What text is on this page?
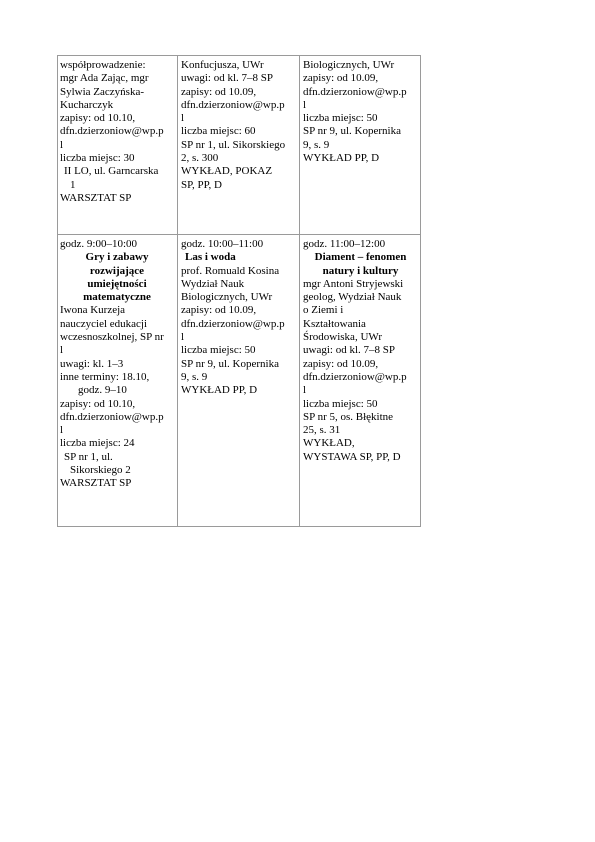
współprowadzenie:
mgr Ada Zając, mgr
Sylwia Zaczyńska-
Kucharczyk
zapisy: od 10.10,
dfn.dzierzoniow@wp.p
l
liczba miejsc: 30
II LO, ul. Garncarska
1
WARSZTAT SP
Konfucjusza, UWr
uwagi: od kl. 7–8 SP
zapisy: od 10.09,
dfn.dzierzoniow@wp.p
l
liczba miejsc: 60
SP nr 1, ul. Sikorskiego
2, s. 300
WYKŁAD, POKAZ
SP, PP, D
Biologicznych, UWr
zapisy: od 10.09,
dfn.dzierzoniow@wp.p
l
liczba miejsc: 50
SP nr 9, ul. Kopernika
9, s. 9
WYKŁAD PP, D
godz. 9:00–10:00
Gry i zabawy
rozwijające
umiejętności
matematyczne
Iwona Kurzeja
nauczyciel edukacji
wczesnoszkolnej, SP nr
l
uwagi: kl. 1–3
inne terminy: 18.10,
godz. 9–10
zapisy: od 10.10,
dfn.dzierzoniow@wp.p
l
liczba miejsc: 24
SP nr 1, ul.
Sikorskiego 2
WARSZTAT SP
godz. 10:00–11:00
Las i woda
prof. Romuald Kosina
Wydział Nauk
Biologicznych, UWr
zapisy: od 10.09,
dfn.dzierzoniow@wp.p
l
liczba miejsc: 50
SP nr 9, ul. Kopernika
9, s. 9
WYKŁAD PP, D
godz. 11:00–12:00
Diament – fenomen
natury i kultury
mgr Antoni Stryjewski
geolog, Wydział Nauk
o Ziemi i
Kształtowania
Środowiska, UWr
uwagi: od kl. 7–8 SP
zapisy: od 10.09,
dfn.dzierzoniow@wp.p
l
liczba miejsc: 50
SP nr 5, os. Błękitne
25, s. 31
WYKŁAD,
WYSTAWA SP, PP, D
